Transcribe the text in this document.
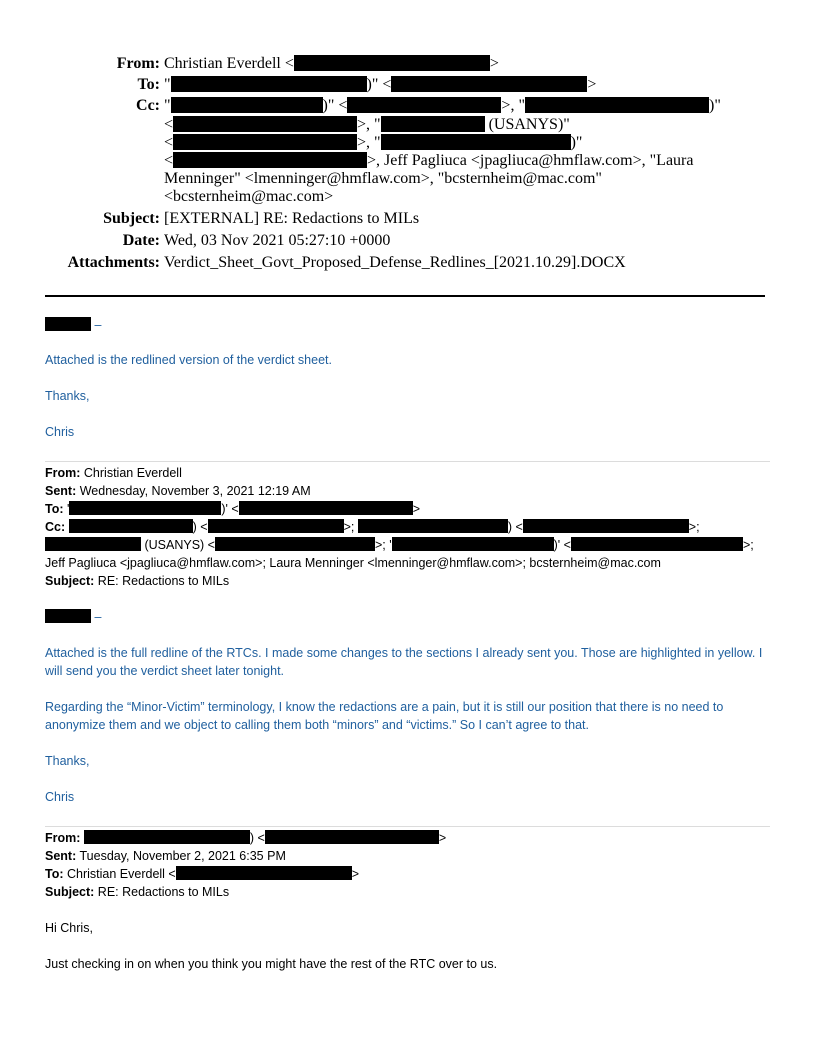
From: Christian Everdell <	>
To: "	)" <	>
Cc: "	)" <	>, "	)"
<	>, "	(USANYS)"
<	>, "	)"
<	>, Jeff Pagliuca <jpagliuca@hmflaw.com>, "Laura
Menninger" <lmenninger@hmflaw.com>, "bcsternheim@mac.com"
<bcsternheim@mac.com>
Subject: [EXTERNAL] RE: Redactions to MILs
Date: Wed, 03 Nov 2021 05:27:10 +0000
Attachments: Verdict_Sheet_Govt_Proposed_Defense_Redlines_[2021.10.29].DOCX
–
Attached is the redlined version of the verdict sheet.
Thanks,
Chris
From: Christian Everdell
Sent: Wednesday, November 3, 2021 12:19 AM
To: '	)' <	>
Cc:	) <	>;	) <	>;
(USANYS) <	>; '	)' <	>;
Jeff Pagliuca <jpagliuca@hmflaw.com>; Laura Menninger <lmenninger@hmflaw.com>; bcsternheim@mac.com
Subject: RE: Redactions to MILs
–
Attached is the full redline of the RTCs. I made some changes to the sections I already sent you. Those are highlighted in yellow. I will send you the verdict sheet later tonight.
Regarding the “Minor-Victim” terminology, I know the redactions are a pain, but it is still our position that there is no need to anonymize them and we object to calling them both “minors” and “victims.” So I can’t agree to that.
Thanks,
Chris
From:	) <	>
Sent: Tuesday, November 2, 2021 6:35 PM
To: Christian Everdell <	>
Subject: RE: Redactions to MILs
Hi Chris,
Just checking in on when you think you might have the rest of the RTC over to us.
